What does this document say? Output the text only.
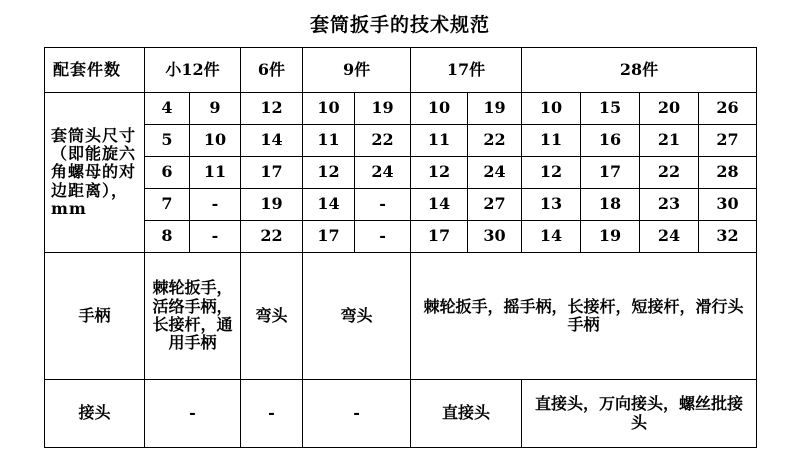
套筒扳手的技术规范
配套件数	小12件		6件	9件		17件		28件			
套筒头尺寸（即能旋六角螺母的对边距离），mm	4	9	12	10	19	10	19	10	15	20	26
	5	10	14	11	22	11	22	11	16	21	27
	6	11	17	12	24	12	24	12	17	22	28
	7	-	19	14	-	14	27	13	18	23	30
	8	-	22	17	-	17	30	14	19	24	32
手柄	棘轮扳手，活络手柄，长接杆，通用手柄		弯头	弯头		棘轮扳手，摇手柄，长接杆，短接杆，滑行头手柄					
接头	-		-	-		直接头		直接头，万向接头，螺丝批接头			
